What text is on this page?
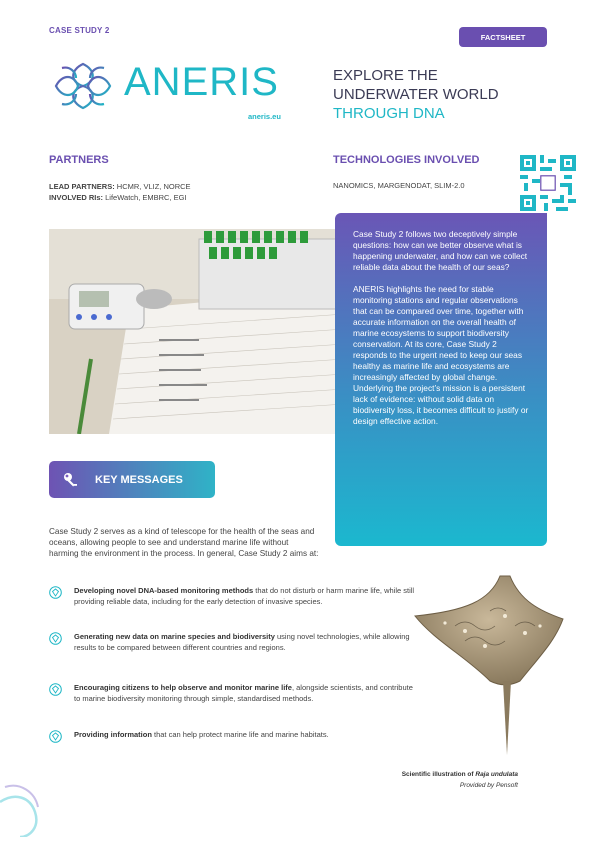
CASE STUDY 2
FACTSHEET
ANERIS
aneris.eu
EXPLORE THE
UNDERWATER WORLD
THROUGH DNA
PARTNERS
LEAD PARTNERS: HCMR, VLIZ, NORCE
INVOLVED RIs: LifeWatch, EMBRC, EGI
TECHNOLOGIES INVOLVED
NANOMICS, MARGENODAT, SLIM-2.0
Case Study 2 follows two deceptively simple questions: how can we better observe what is happening underwater, and how can we collect reliable data about the health of our seas?
ANERIS highlights the need for stable monitoring stations and regular observations that can be compared over time, together with accurate information on the overall health of marine ecosystems to support biodiversity conservation. At its core, Case Study 2 responds to the urgent need to keep our seas healthy as marine life and ecosystems are increasingly affected by global change. Underlying the project’s mission is a persistent lack of evidence: without solid data on biodiversity loss, it becomes difficult to justify or design effective action.
KEY MESSAGES
Case Study 2 serves as a kind of telescope for the health of the seas and oceans, allowing people to see and understand marine life without harming the environment in the process. In general, Case Study 2 aims at:
Developing novel DNA-based monitoring methods that do not disturb or harm marine life, while still providing reliable data, including for the early detection of invasive species.
Generating new data on marine species and biodiversity using novel technologies, while allowing results to be compared between different countries and regions.
Encouraging citizens to help observe and monitor marine life, alongside scientists, and contribute to marine biodiversity monitoring through simple, standardised methods.
Providing information that can help protect marine life and marine habitats.
Scientific illustration of Raja undulata
Provided by Pensoft
